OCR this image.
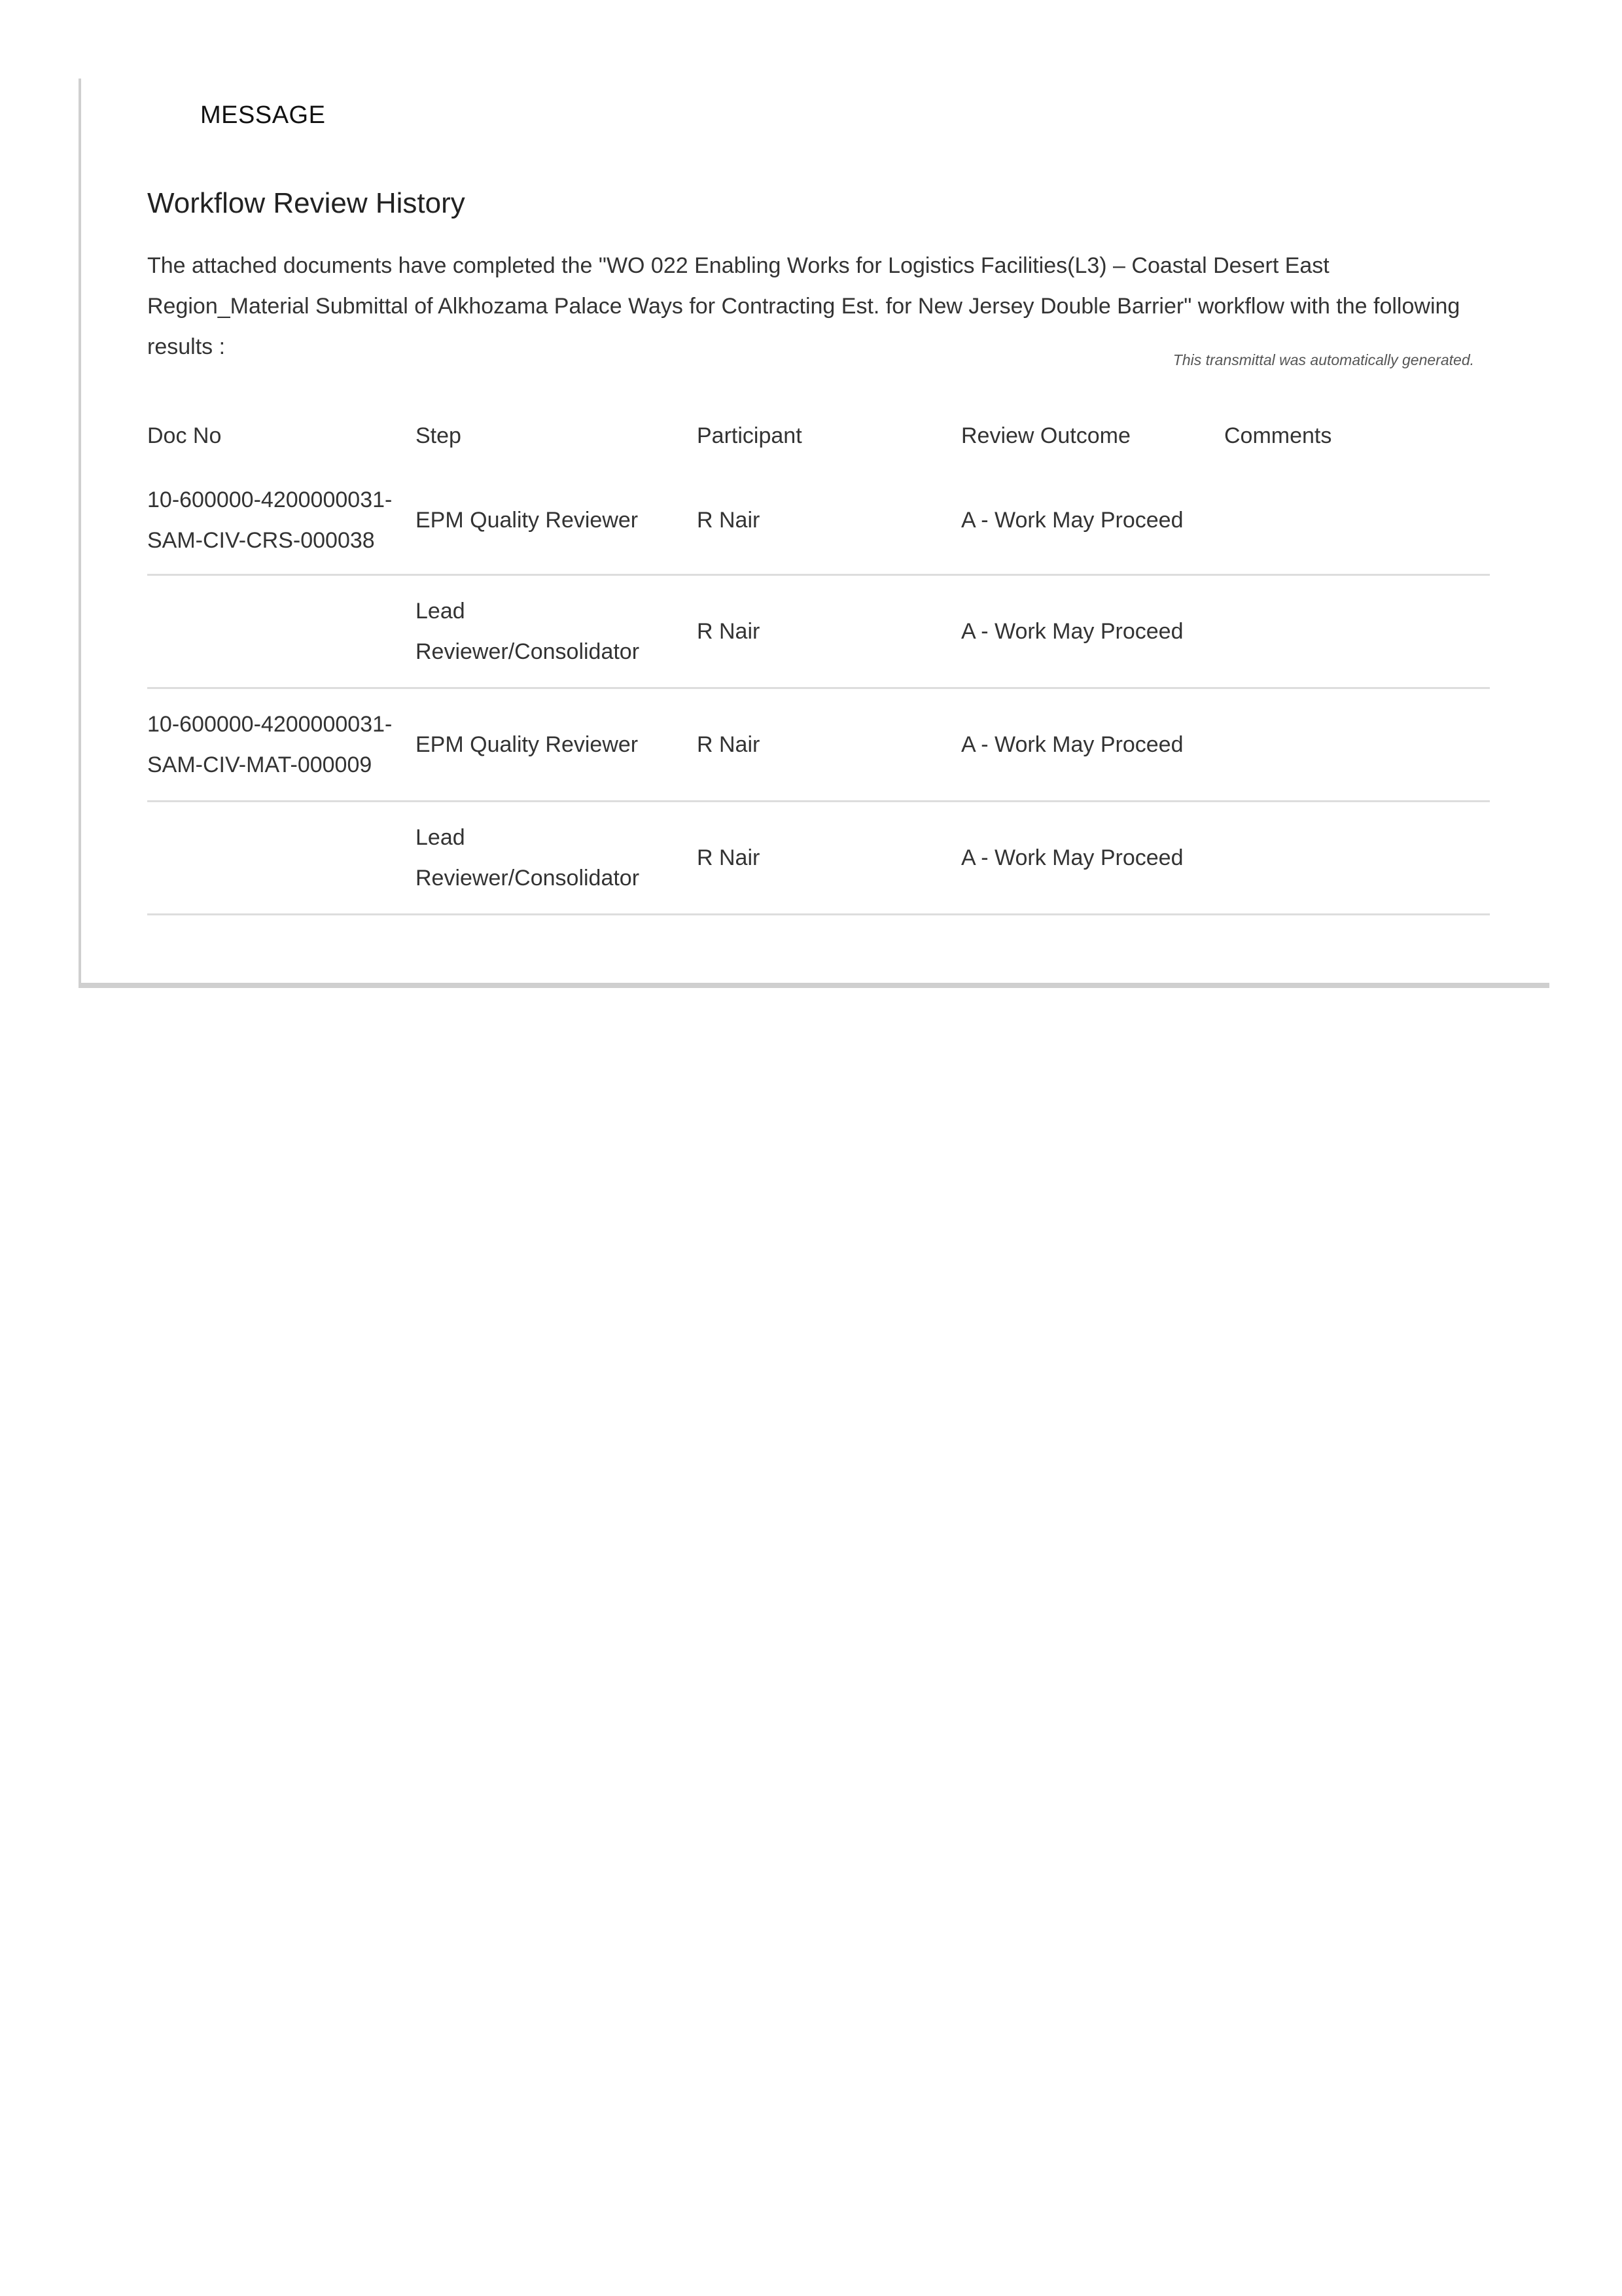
MESSAGE
Workflow Review History

The attached documents have completed the "WO 022 Enabling Works for Logistics Facilities(L3) – Coastal Desert East Region_Material Submittal of Alkhozama Palace Ways for Contracting Est. for New Jersey Double Barrier" workflow with the following results :

This transmittal was automatically generated.
Doc No	Step	Participant	Review Outcome	Comments

10-600000-4200000031-
SAM-CIV-CRS-000038	EPM Quality Reviewer	R Nair	A - Work May Proceed	

	Lead
Reviewer/Consolidator	R Nair	A - Work May Proceed	

10-600000-4200000031-
SAM-CIV-MAT-000009	EPM Quality Reviewer	R Nair	A - Work May Proceed	

	Lead
Reviewer/Consolidator	R Nair	A - Work May Proceed	
